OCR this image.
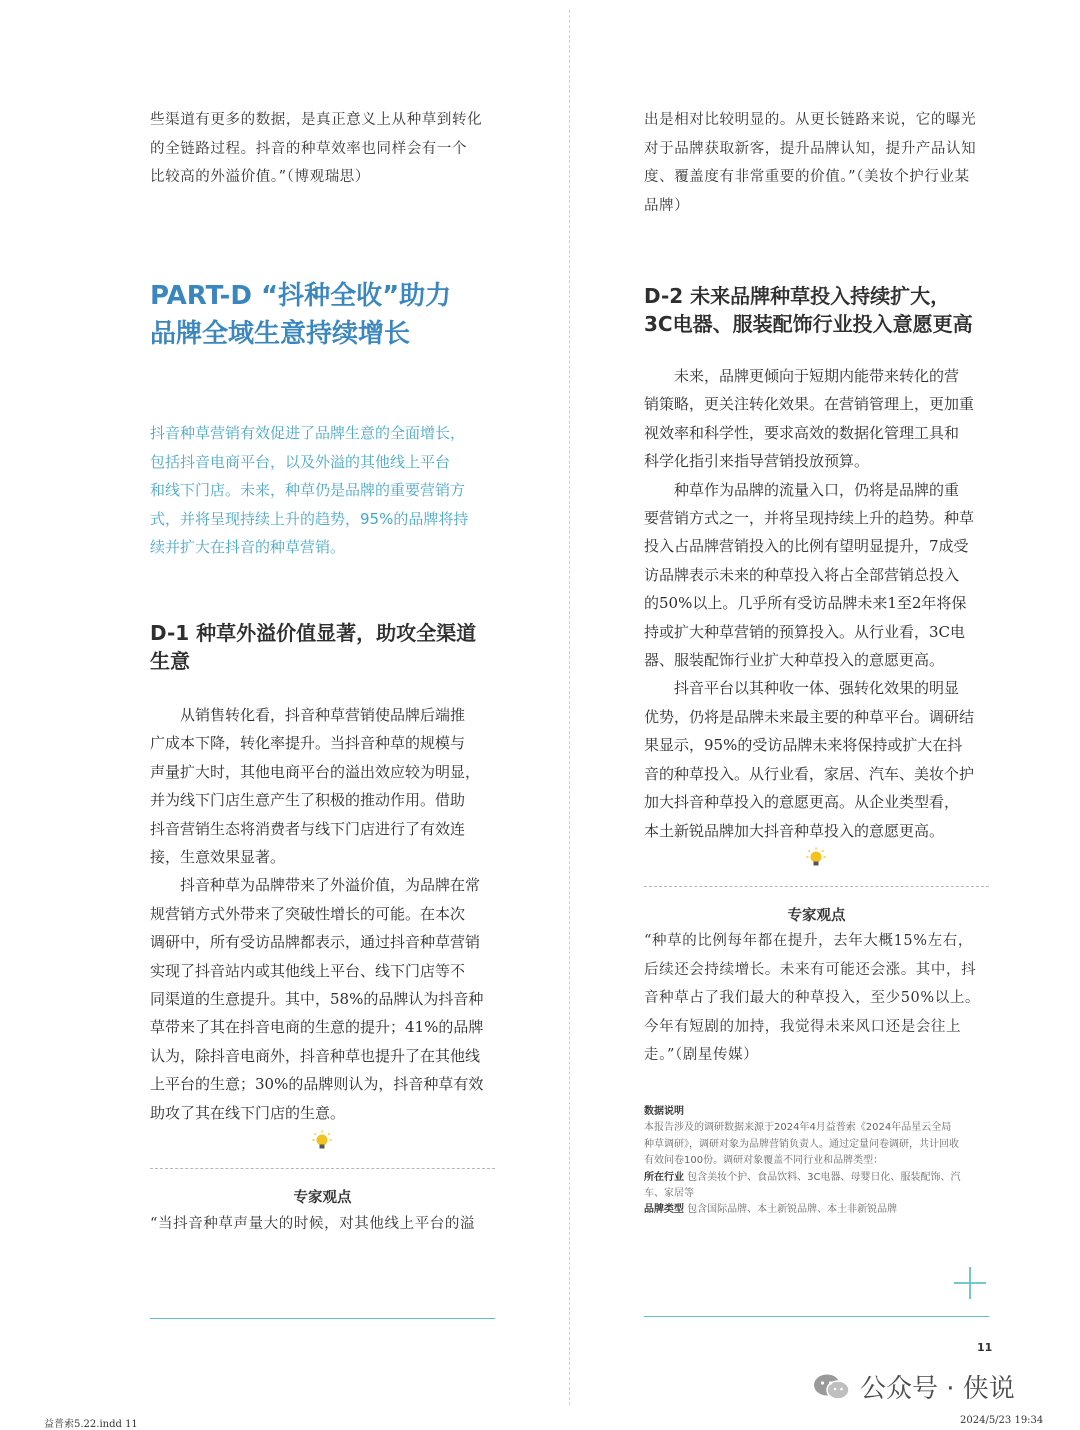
些渠道有更多的数据，是真正意义上从种草到转化

的全链路过程。抖音的种草效率也同样会有一个

比较高的外溢价值。”（博观瑞思）

PART-D “抖种全收”助力
品牌全域生意持续增长
抖音种草营销有效促进了品牌生意的全面增长，
包括抖音电商平台，以及外溢的其他线上平台
和线下门店。未来，种草仍是品牌的重要营销方
式，并将呈现持续上升的趋势，95%的品牌将持
续并扩大在抖音的种草营销。
D-1 种草外溢价值显著，助攻全渠道
生意

从销售转化看，抖音种草营销使品牌后端推

广成本下降，转化率提升。当抖音种草的规模与

声量扩大时，其他电商平台的溢出效应较为明显，

并为线下门店生意产生了积极的推动作用。借助

抖音营销生态将消费者与线下门店进行了有效连

接，生意效果显著。

抖音种草为品牌带来了外溢价值，为品牌在常

规营销方式外带来了突破性增长的可能。在本次

调研中，所有受访品牌都表示，通过抖音种草营销

实现了抖音站内或其他线上平台、线下门店等不

同渠道的生意提升。其中，58%的品牌认为抖音种

草带来了其在抖音电商的生意的提升；41%的品牌

认为，除抖音电商外，抖音种草也提升了在其他线

上平台的生意；30%的品牌则认为，抖音种草有效

助攻了其在线下门店的生意。

专家观点

“当抖音种草声量大的时候，对其他线上平台的溢

出是相对比较明显的。从更长链路来说，它的曝光

对于品牌获取新客，提升品牌认知，提升产品认知

度、覆盖度有非常重要的价值。”（美妆个护行业某

品牌）

D-2 未来品牌种草投入持续扩大，
3C电器、服装配饰行业投入意愿更高

未来，品牌更倾向于短期内能带来转化的营

销策略，更关注转化效果。在营销管理上，更加重

视效率和科学性，要求高效的数据化管理工具和

科学化指引来指导营销投放预算。

种草作为品牌的流量入口，仍将是品牌的重

要营销方式之一，并将呈现持续上升的趋势。种草

投入占品牌营销投入的比例有望明显提升，7成受

访品牌表示未来的种草投入将占全部营销总投入

的50%以上。几乎所有受访品牌未来1至2年将保

持或扩大种草营销的预算投入。从行业看，3C电

器、服装配饰行业扩大种草投入的意愿更高。

抖音平台以其种收一体、强转化效果的明显

优势，仍将是品牌未来最主要的种草平台。调研结

果显示，95%的受访品牌未来将保持或扩大在抖

音的种草投入。从行业看，家居、汽车、美妆个护

加大抖音种草投入的意愿更高。从企业类型看，

本土新锐品牌加大抖音种草投入的意愿更高。

专家观点

“种草的比例每年都在提升，去年大概15%左右，

后续还会持续增长。未来有可能还会涨。其中，抖

音种草占了我们最大的种草投入，至少50%以上。

今年有短剧的加持，我觉得未来风口还是会往上

走。”（剧星传媒）

数据说明
本报告涉及的调研数据来源于2024年4月益普索《2024年品星云全局
种草调研》，调研对象为品牌营销负责人。通过定量问卷调研，共计回收
有效问卷100份。调研对象覆盖不同行业和品牌类型：
所在行业 包含美妆个护、食品饮料、3C电器、母婴日化、服装配饰、汽
车、家居等
品牌类型 包含国际品牌、本土新锐品牌、本土非新锐品牌
11
公众号 · 侠说
益普索5.22.indd 11	2024/5/23 19:34
